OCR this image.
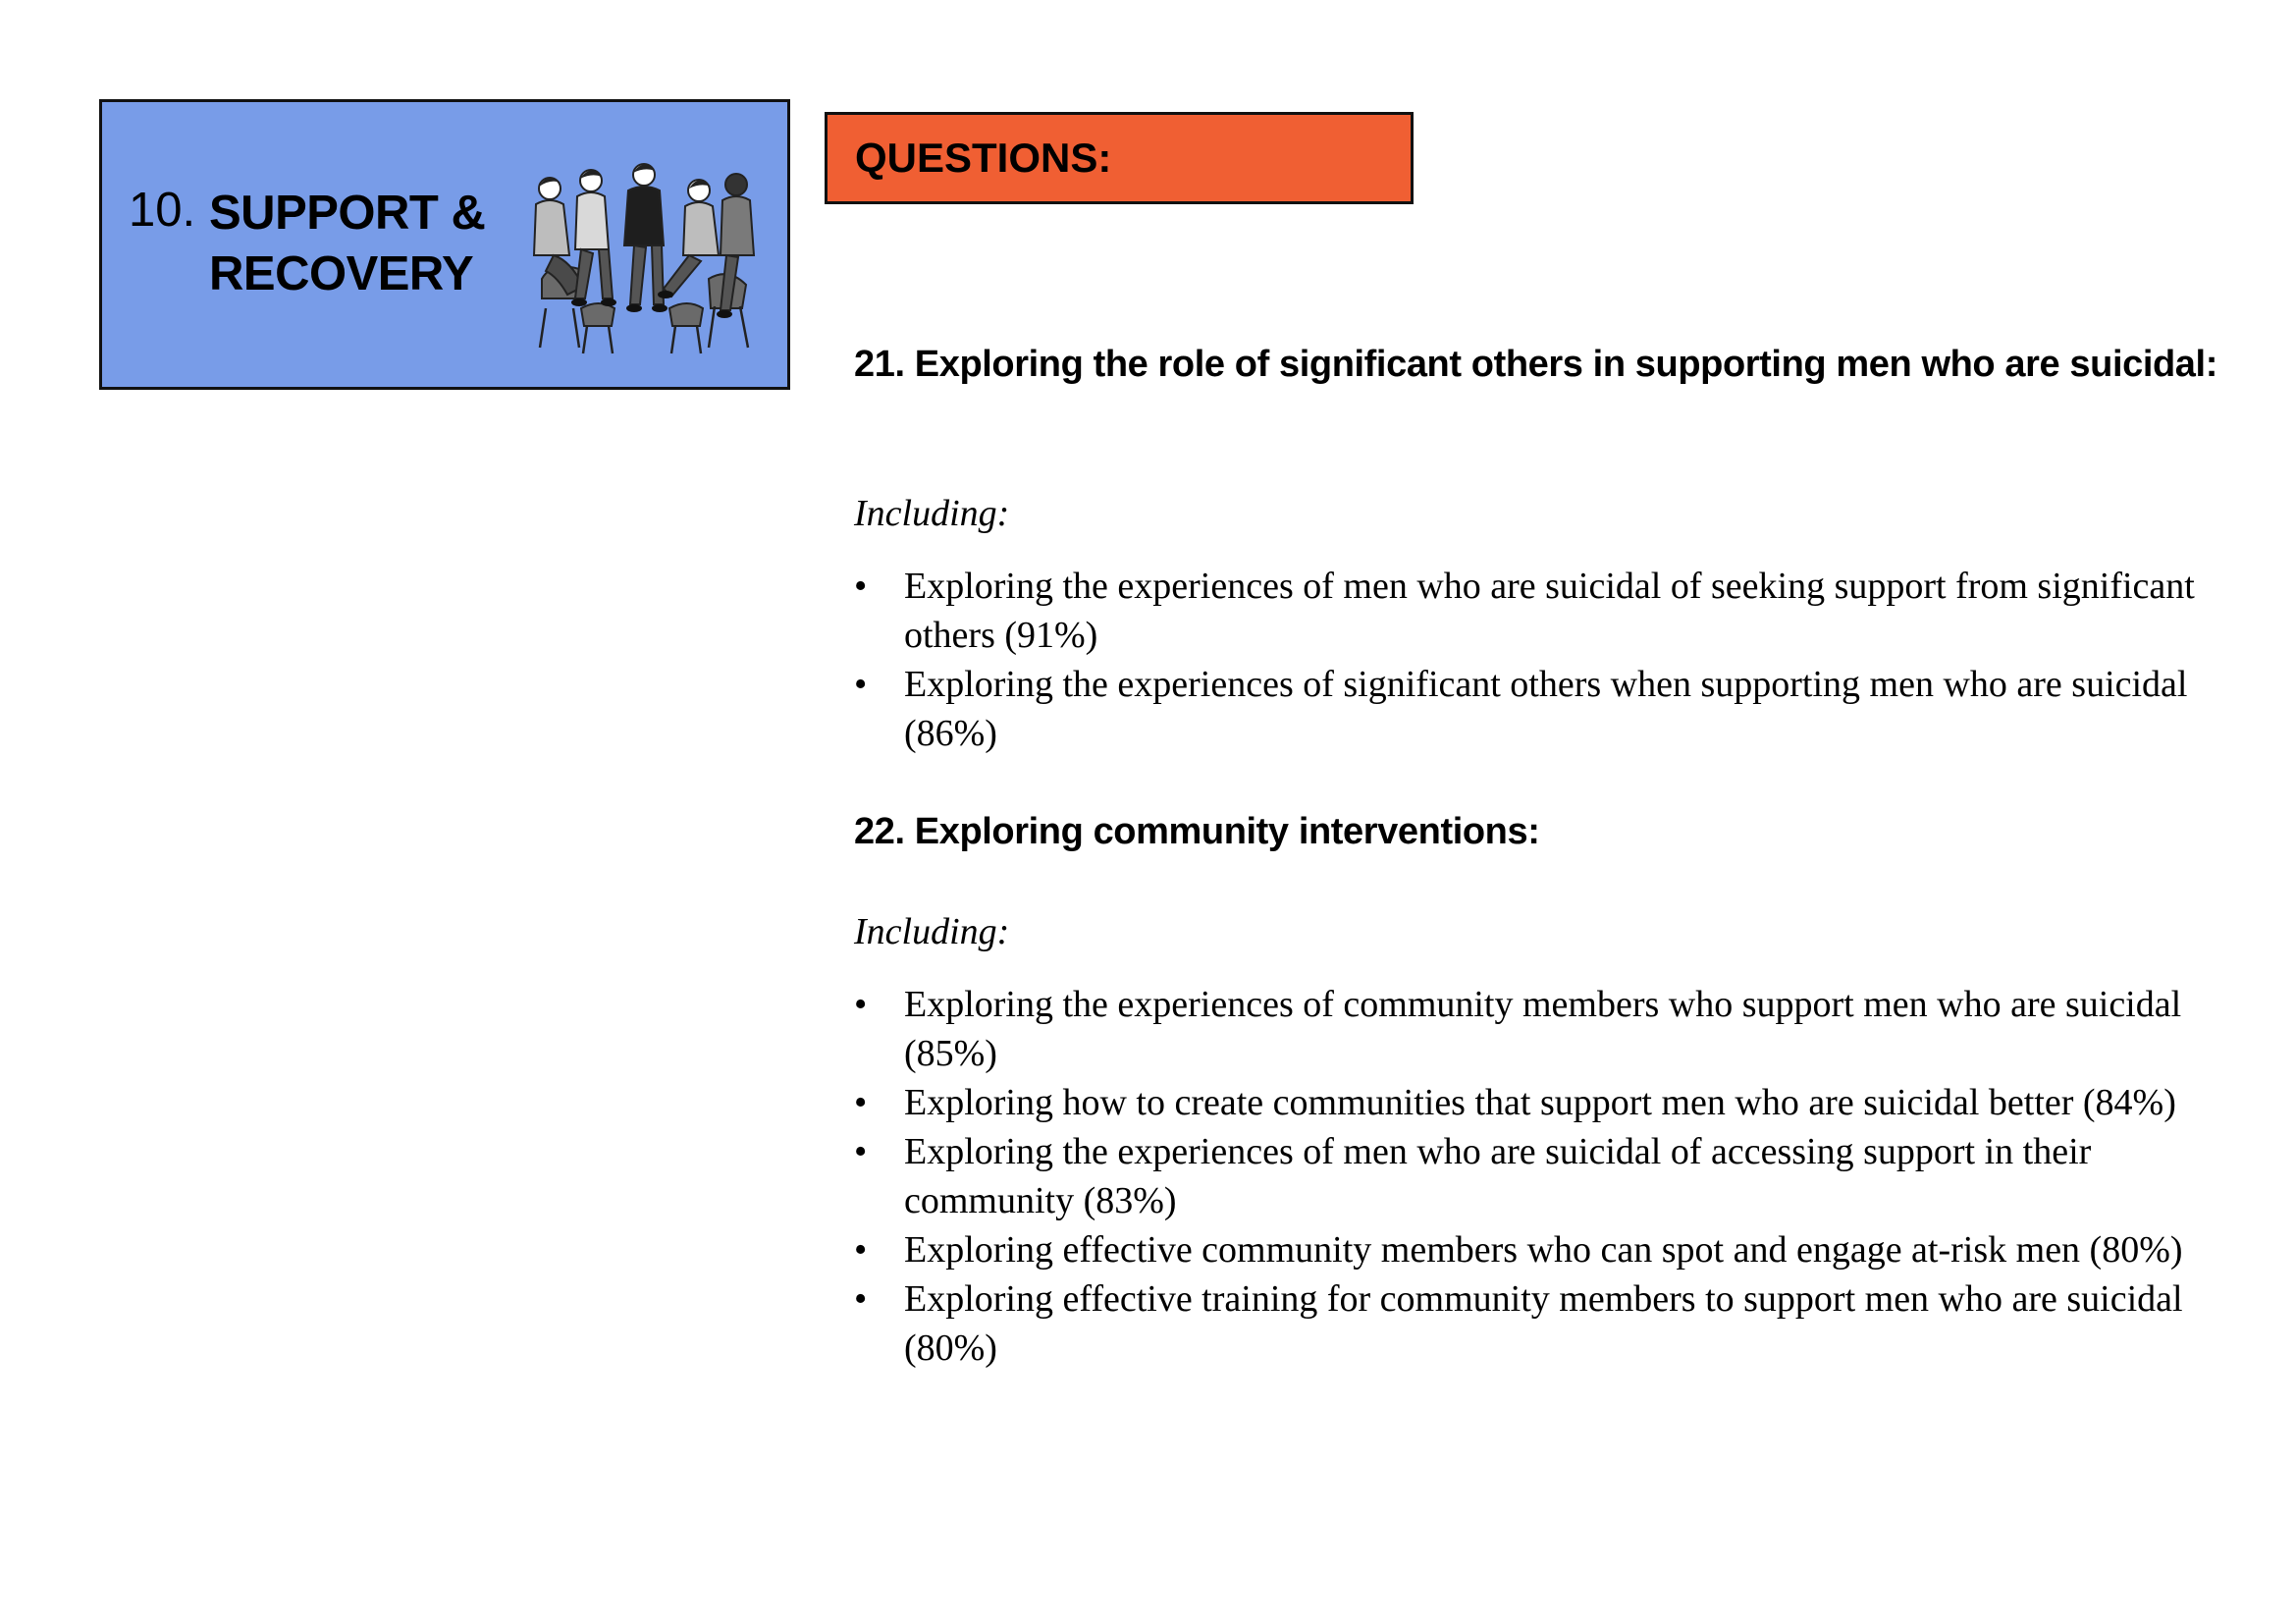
10. SUPPORT &
RECOVERY
QUESTIONS:
21. Exploring the role of significant others in supporting men who are suicidal:
Including:
• Exploring the experiences of men who are suicidal of seeking support from significant others (91%)
• Exploring the experiences of significant others when supporting men who are suicidal (86%)
22. Exploring community interventions:
Including:
• Exploring the experiences of community members who support men who are suicidal (85%)
• Exploring how to create communities that support men who are suicidal better (84%)
• Exploring the experiences of men who are suicidal of accessing support in their community (83%)
• Exploring effective community members who can spot and engage at-risk men (80%)
• Exploring effective training for community members to support men who are suicidal (80%)
